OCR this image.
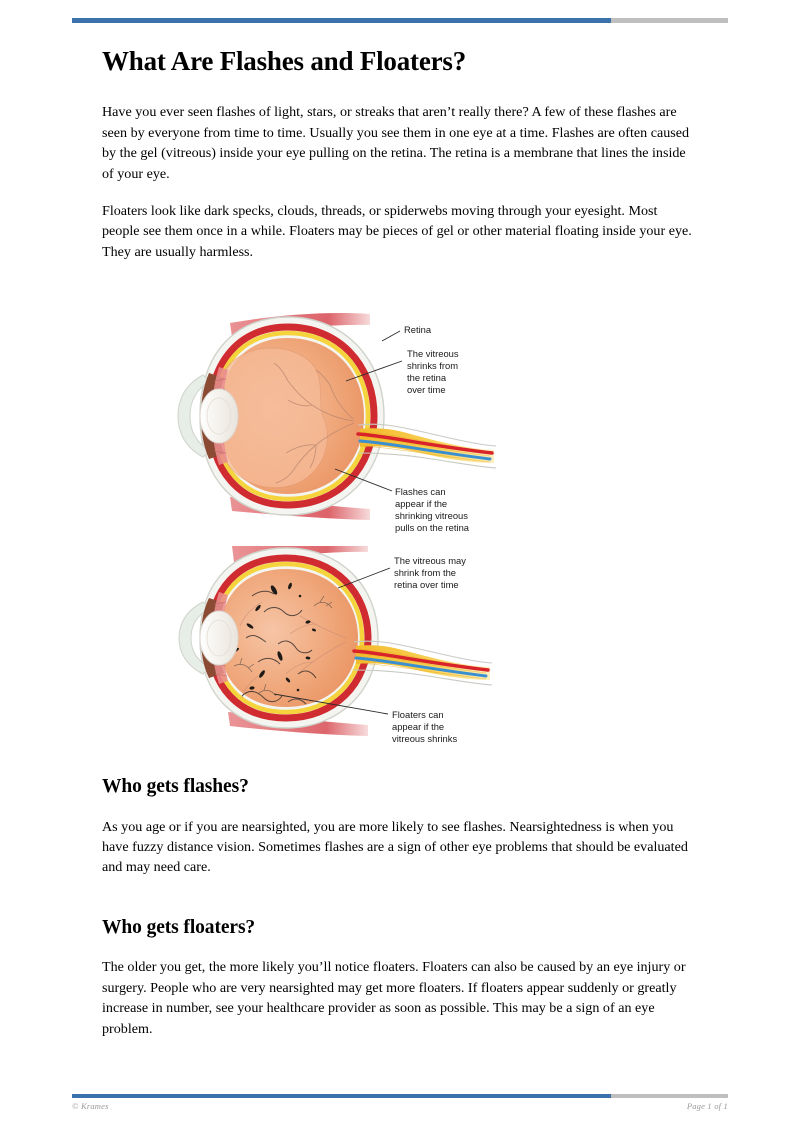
What Are Flashes and Floaters?

Have you ever seen flashes of light, stars, or streaks that aren’t really there? A few of these flashes are seen by everyone from time to time. Usually you see them in one eye at a time. Flashes are often caused by the gel (vitreous) inside your eye pulling on the retina. The retina is a membrane that lines the inside of your eye.

Floaters look like dark specks, clouds, threads, or spiderwebs moving through your eyesight. Most people see them once in a while. Floaters may be pieces of gel or other material floating inside your eye. They are usually harmless.

Retina
The vitreous
shrinks from
the retina
over time
Flashes can
appear if the
shrinking vitreous
pulls on the retina
The vitreous may
shrink from the
retina over time
Floaters can
appear if the
vitreous shrinks
Who gets flashes?

As you age or if you are nearsighted, you are more likely to see flashes. Nearsightedness is when you have fuzzy distance vision. Sometimes flashes are a sign of other eye problems that should be evaluated and may need care.

Who gets floaters?

The older you get, the more likely you’ll notice floaters. Floaters can also be caused by an eye injury or surgery. People who are very nearsighted may get more floaters. If floaters appear suddenly or greatly increase in number, see your healthcare provider as soon as possible. This may be a sign of an eye problem.

© Krames	Page 1 of 1
